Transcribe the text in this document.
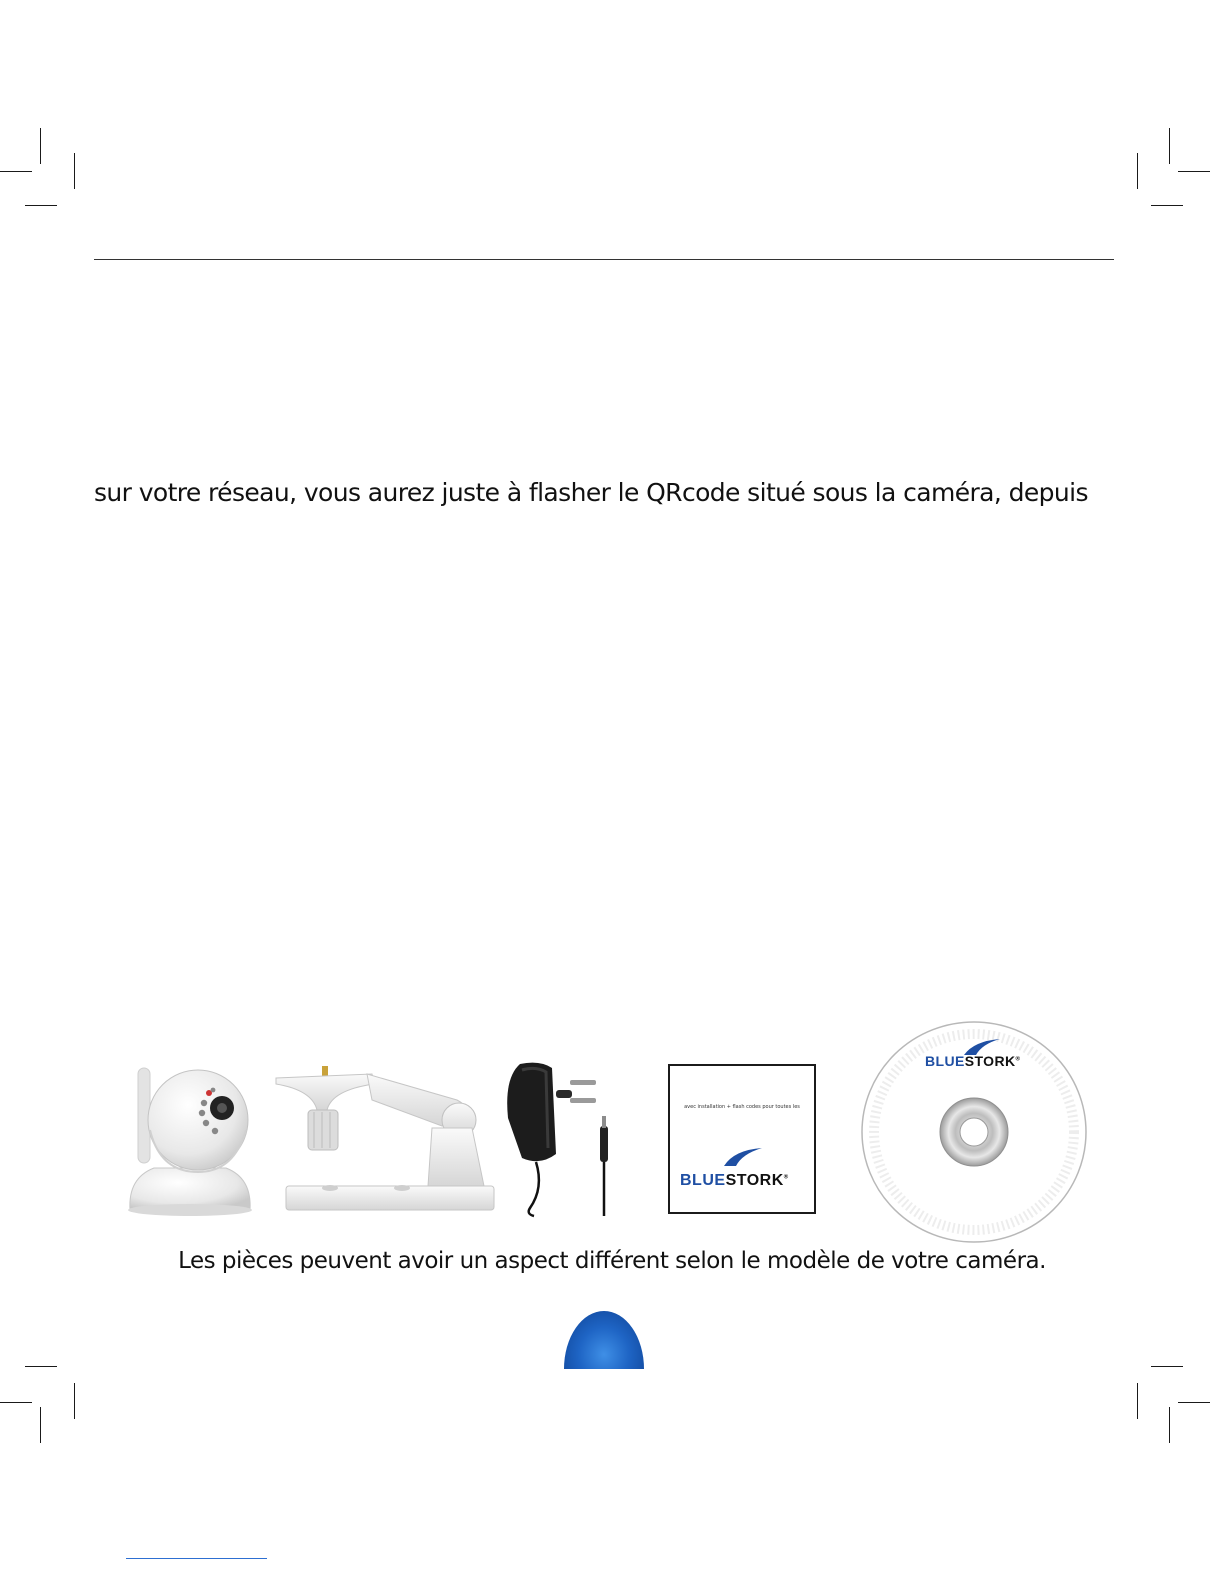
sur votre réseau, vous aurez juste à flasher le QRcode situé sous la caméra, depuis
avec installation + flash codes pour toutes les
BLUESTORK®
BLUESTORK®
Les pièces peuvent avoir un aspect différent selon le modèle de votre caméra.
